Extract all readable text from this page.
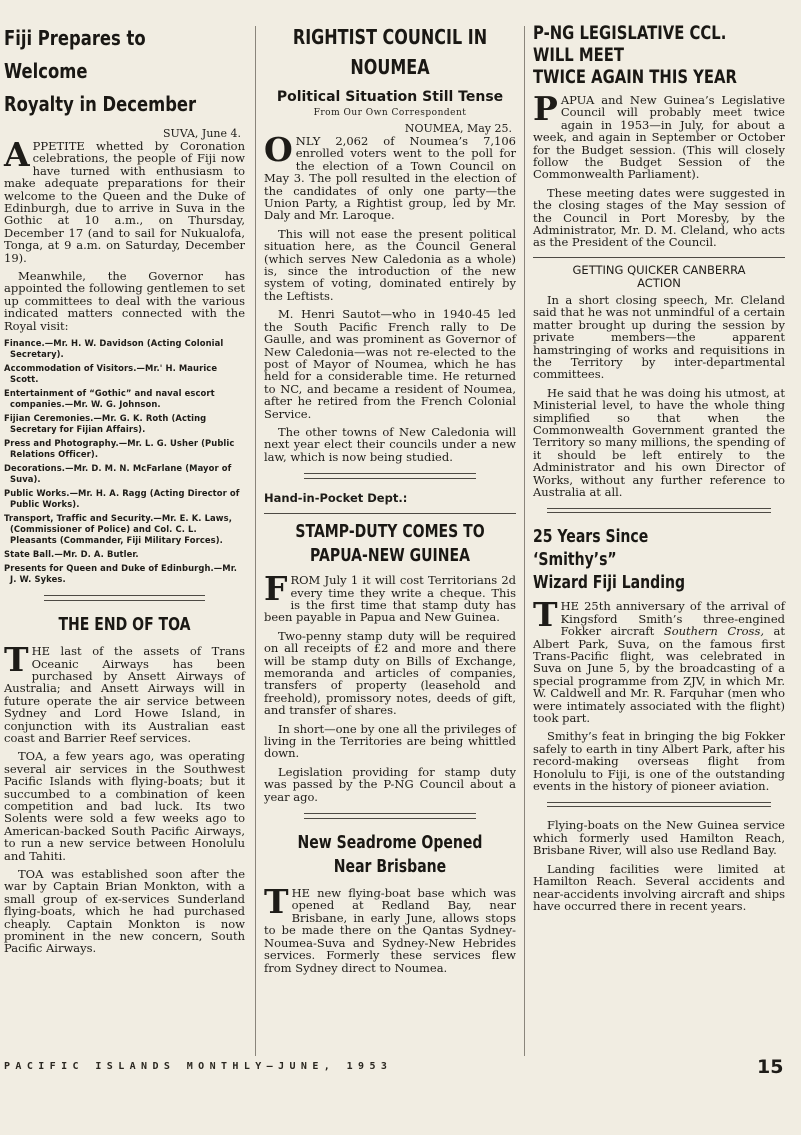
Fiji Prepares to
Welcome
Royalty in December
SUVA, June 4.

APPETITE whetted by Coronation celebrations, the people of Fiji now have turned with enthusiasm to make adequate preparations for their welcome to the Queen and the Duke of Edinburgh, due to arrive in Suva in the Gothic at 10 a.m., on Thursday, December 17 (and to sail for Nukualofa, Tonga, at 9 a.m. on Saturday, December 19).

Meanwhile, the Governor has appointed the following gentlemen to set up committees to deal with the various indicated matters connected with the Royal visit:

Finance.—Mr. H. W. Davidson (Acting Colonial Secretary).
Accommodation of Visitors.—Mr.' H. Maurice Scott.
Entertainment of “Gothic” and naval escort companies.—Mr. W. G. Johnson.
Fijian Ceremonies.—Mr. G. K. Roth (Acting Secretary for Fijian Affairs).
Press and Photography.—Mr. L. G. Usher (Public Relations Officer).
Decorations.—Mr. D. M. N. McFarlane (Mayor of Suva).
Public Works.—Mr. H. A. Ragg (Acting Director of Public Works).
Transport, Traffic and Security.—Mr. E. K. Laws, (Commissioner of Police) and Col. C. L. Pleasants (Commander, Fiji Military Forces).
State Ball.—Mr. D. A. Butler.
Presents for Queen and Duke of Edinburgh.—Mr. J. W. Sykes.
THE END OF TOA

THE last of the assets of Trans Oceanic Airways has been purchased by Ansett Airways of Australia; and Ansett Airways will in future operate the air service between Sydney and Lord Howe Island, in conjunction with its Australian east coast and Barrier Reef services.

TOA, a few years ago, was operating several air services in the Southwest Pacific Islands with flying-boats; but it succumbed to a combination of keen competition and bad luck. Its two Solents were sold a few weeks ago to American-backed South Pacific Airways, to run a new service between Honolulu and Tahiti.

TOA was established soon after the war by Captain Brian Monkton, with a small group of ex-services Sunderland flying-boats, which he had purchased cheaply. Captain Monkton is now prominent in the new concern, South Pacific Airways.

RIGHTIST COUNCIL IN
NOUMEA
Political Situation Still Tense
From Our Own Correspondent
NOUMEA, May 25.

ONLY 2,062 of Noumea’s 7,106 enrolled voters went to the poll for the election of a Town Council on May 3. The poll resulted in the election of the candidates of only one party—the Union Party, a Rightist group, led by Mr. Daly and Mr. Laroque.

This will not ease the present political situation here, as the Council General (which serves New Caledonia as a whole) is, since the introduction of the new system of voting, dominated entirely by the Leftists.

M. Henri Sautot—who in 1940-45 led the South Pacific French rally to De Gaulle, and was prominent as Governor of New Caledonia—was not re-elected to the post of Mayor of Noumea, which he has held for a considerable time. He returned to NC, and became a resident of Noumea, after he retired from the French Colonial Service.

The other towns of New Caledonia will next year elect their councils under a new law, which is now being studied.

Hand-in-Pocket Dept.:
STAMP-DUTY COMES TO
PAPUA-NEW GUINEA

FROM July 1 it will cost Territorians 2d every time they write a cheque. This is the first time that stamp duty has been payable in Papua and New Guinea.

Two-penny stamp duty will be required on all receipts of £2 and more and there will be stamp duty on Bills of Exchange, memoranda and articles of companies, transfers of property (leasehold and freehold), promissory notes, deeds of gift, and transfer of shares.

In short—one by one all the privileges of living in the Territories are being whittled down.

Legislation providing for stamp duty was passed by the P-NG Council about a year ago.

New Seadrome Opened
Near Brisbane

THE new flying-boat base which was opened at Redland Bay, near Brisbane, in early June, allows stops to be made there on the Qantas Sydney-Noumea-Suva and Sydney-New Hebrides services. Formerly these services flew from Sydney direct to Noumea.

P-NG LEGISLATIVE CCL.
WILL MEET
TWICE AGAIN THIS YEAR

PAPUA and New Guinea’s Legislative Council will probably meet twice again in 1953—in July, for about a week, and again in September or October for the Budget session. (This will closely follow the Budget Session of the Commonwealth Parliament).

These meeting dates were suggested in the closing stages of the May session of the Council in Port Moresby, by the Administrator, Mr. D. M. Cleland, who acts as the President of the Council.

GETTING QUICKER CANBERRA
ACTION

In a short closing speech, Mr. Cleland said that he was not unmindful of a certain matter brought up during the session by private members—the apparent hamstringing of works and requisitions in the Territory by inter-departmental committees.

He said that he was doing his utmost, at Ministerial level, to have the whole thing simplified so that when the Commonwealth Government granted the Territory so many millions, the spending of it should be left entirely to the Administrator and his own Director of Works, without any further reference to Australia at all.

25 Years Since
‘Smithy’s”
Wizard Fiji Landing

THE 25th anniversary of the arrival of Kingsford Smith’s three-engined Fokker aircraft Southern Cross, at Albert Park, Suva, on the famous first Trans-Pacific flight, was celebrated in Suva on June 5, by the broadcasting of a special programme from ZJV, in which Mr. W. Caldwell and Mr. R. Farquhar (men who were intimately associated with the flight) took part.

Smithy’s feat in bringing the big Fokker safely to earth in tiny Albert Park, after his record-making overseas flight from Honolulu to Fiji, is one of the outstanding events in the history of pioneer aviation.

Flying-boats on the New Guinea service which formerly used Hamilton Reach, Brisbane River, will also use Redland Bay.

Landing facilities were limited at Hamilton Reach. Several accidents and near-accidents involving aircraft and ships have occurred there in recent years.

PACIFIC ISLANDS MONTHLY—JUNE, 1953	15
